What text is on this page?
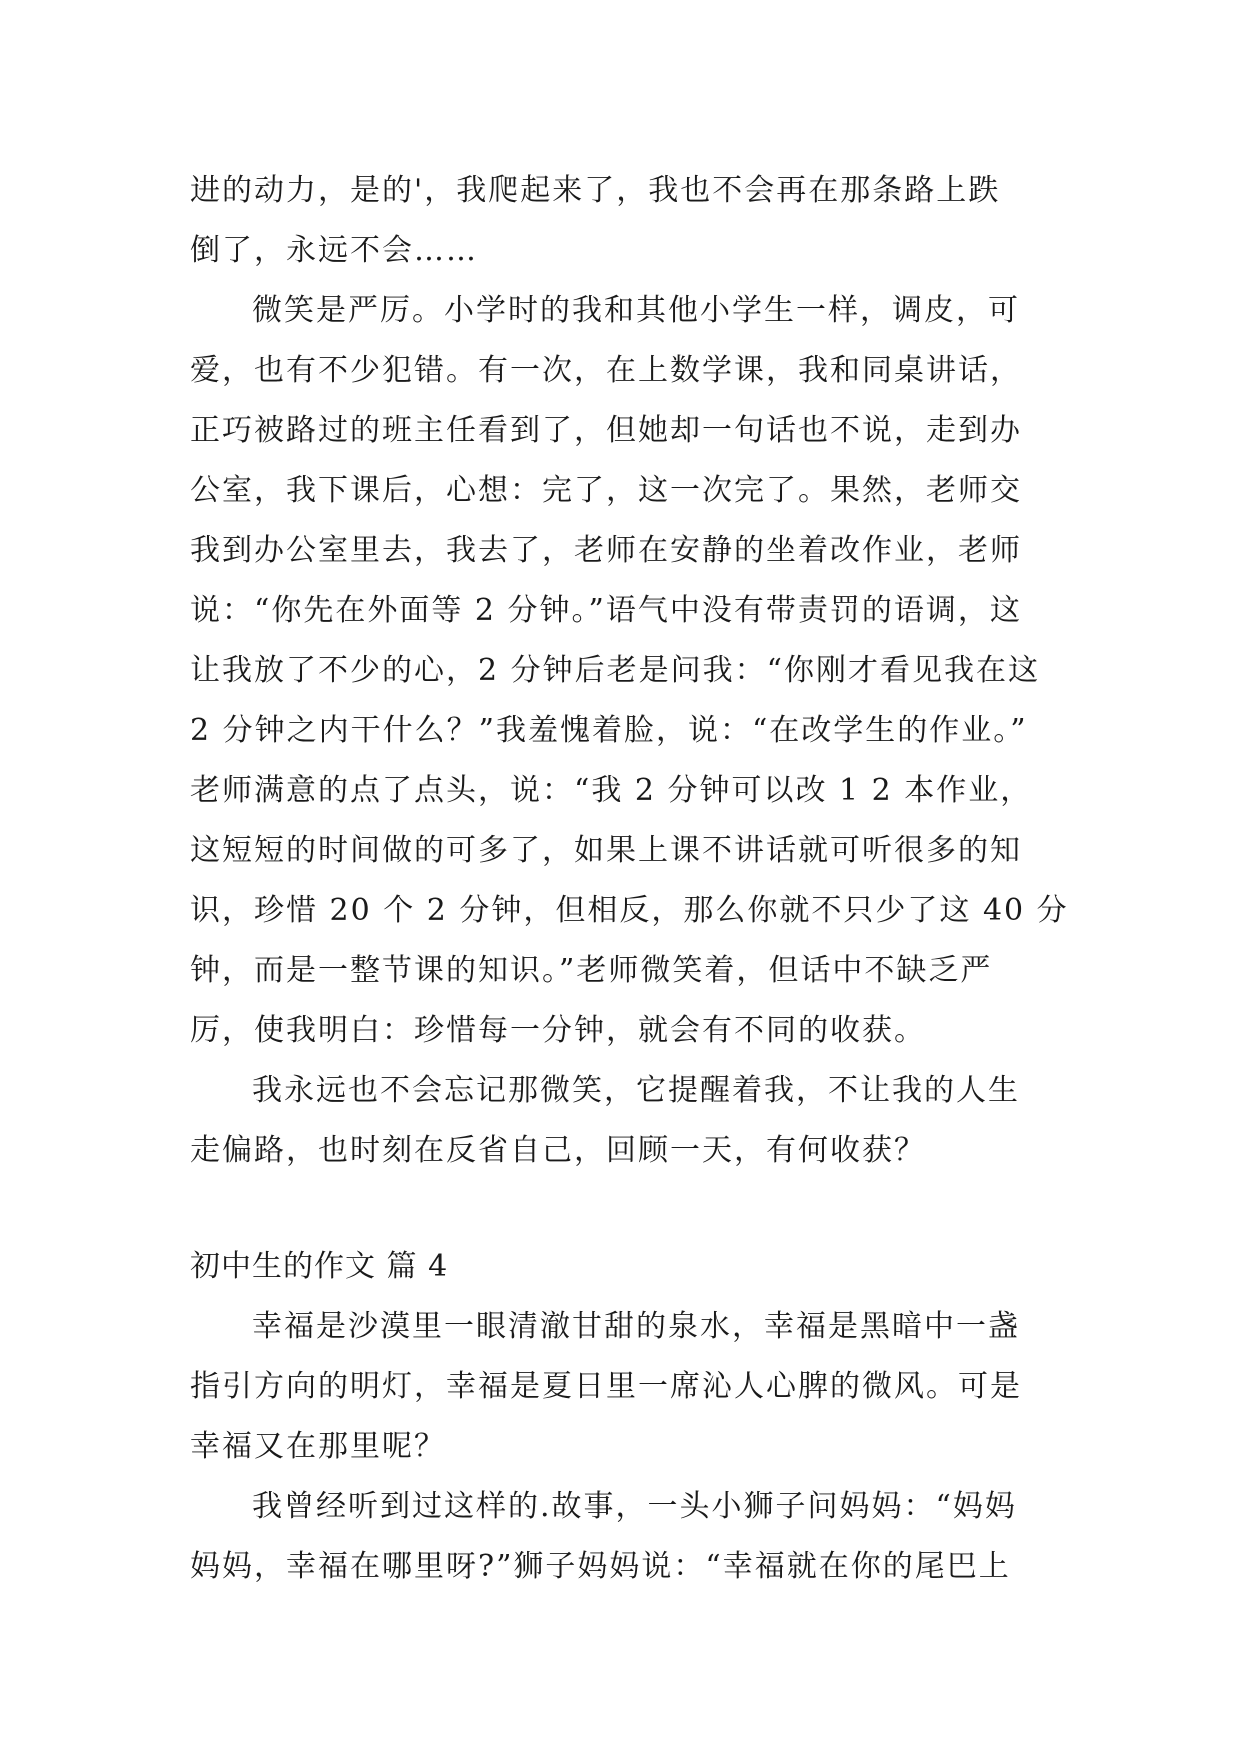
进的动力，是的'，我爬起来了，我也不会再在那条路上跌
倒了，永远不会……
微笑是严厉。小学时的我和其他小学生一样，调皮，可
爱，也有不少犯错。有一次，在上数学课，我和同桌讲话，
正巧被路过的班主任看到了，但她却一句话也不说，走到办
公室，我下课后，心想：完了，这一次完了。果然，老师交
我到办公室里去，我去了，老师在安静的坐着改作业，老师
说：“你先在外面等 2 分钟。”语气中没有带责罚的语调，这
让我放了不少的心，2 分钟后老是问我：“你刚才看见我在这
2 分钟之内干什么？”我羞愧着脸，说：“在改学生的作业。”
老师满意的点了点头，说：“我 2 分钟可以改 1 2 本作业，
这短短的时间做的可多了，如果上课不讲话就可听很多的知
识，珍惜 20 个 2 分钟，但相反，那么你就不只少了这 40 分
钟，而是一整节课的知识。”老师微笑着，但话中不缺乏严
厉，使我明白：珍惜每一分钟，就会有不同的收获。
我永远也不会忘记那微笑，它提醒着我，不让我的人生
走偏路，也时刻在反省自己，回顾一天，有何收获？
初中生的作文 篇 4
幸福是沙漠里一眼清澈甘甜的泉水，幸福是黑暗中一盏
指引方向的明灯，幸福是夏日里一席沁人心脾的微风。可是
幸福又在那里呢？
我曾经听到过这样的.故事，一头小狮子问妈妈：“妈妈
妈妈，幸福在哪里呀?”狮子妈妈说：“幸福就在你的尾巴上
